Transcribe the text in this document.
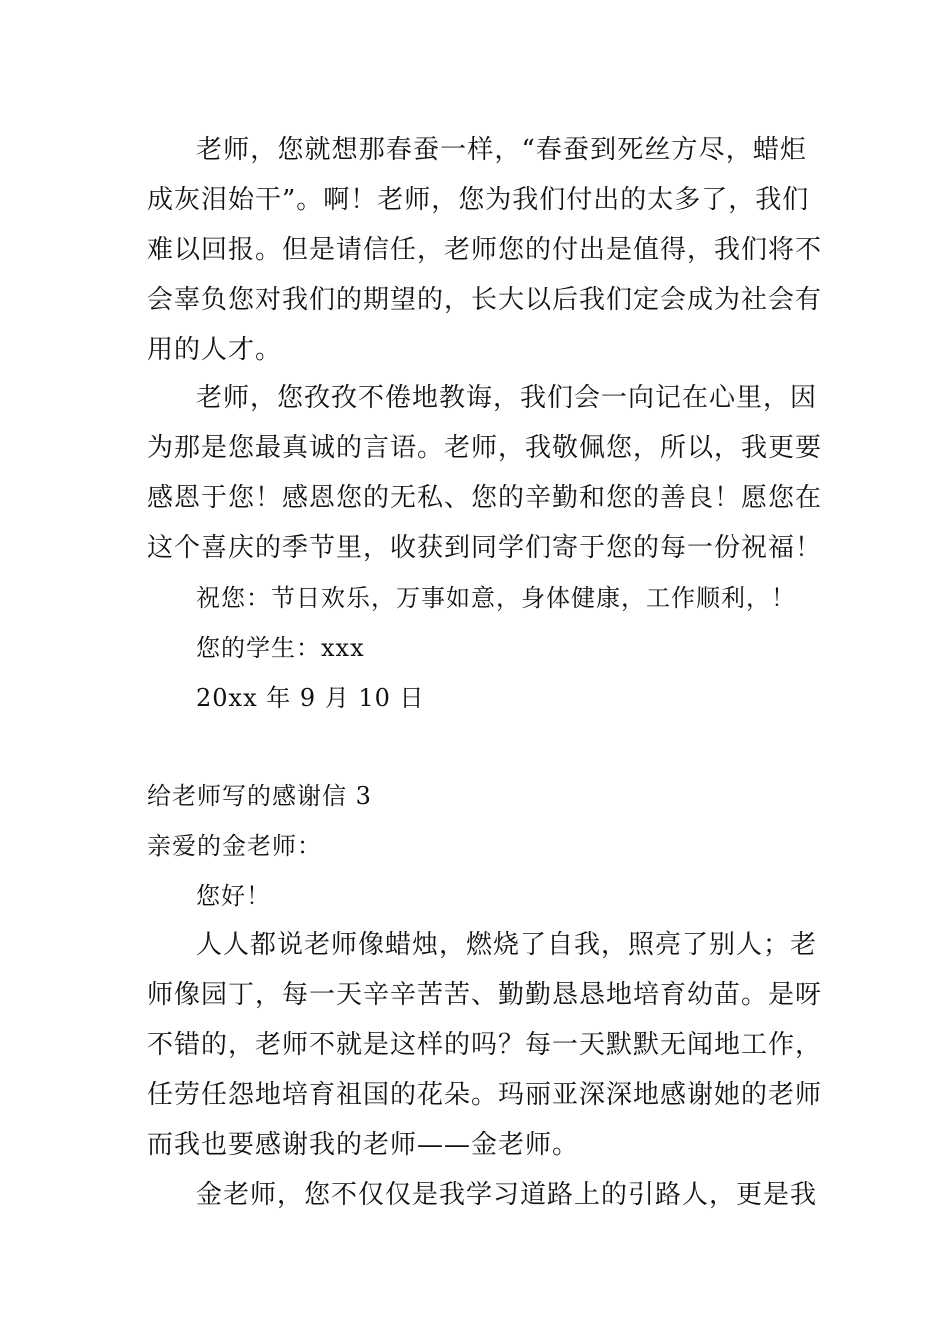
老师，您就想那春蚕一样，“春蚕到死丝方尽，蜡炬
成灰泪始干”。啊！老师，您为我们付出的太多了，我们
难以回报。但是请信任，老师您的付出是值得，我们将不
会辜负您对我们的期望的，长大以后我们定会成为社会有
用的人才。
老师，您孜孜不倦地教诲，我们会一向记在心里，因
为那是您最真诚的言语。老师，我敬佩您，所以，我更要
感恩于您！感恩您的无私、您的辛勤和您的善良！愿您在
这个喜庆的季节里，收获到同学们寄于您的每一份祝福！
祝您：节日欢乐，万事如意，身体健康，工作顺利，！
您的学生：xxx
20xx 年 9 月 10 日
给老师写的感谢信 3
亲爱的金老师：
您好！
人人都说老师像蜡烛，燃烧了自我，照亮了别人；老
师像园丁，每一天辛辛苦苦、勤勤恳恳地培育幼苗。是呀
不错的，老师不就是这样的吗？每一天默默无闻地工作，
任劳任怨地培育祖国的花朵。玛丽亚深深地感谢她的老师
而我也要感谢我的老师——金老师。
金老师，您不仅仅是我学习道路上的引路人，更是我
